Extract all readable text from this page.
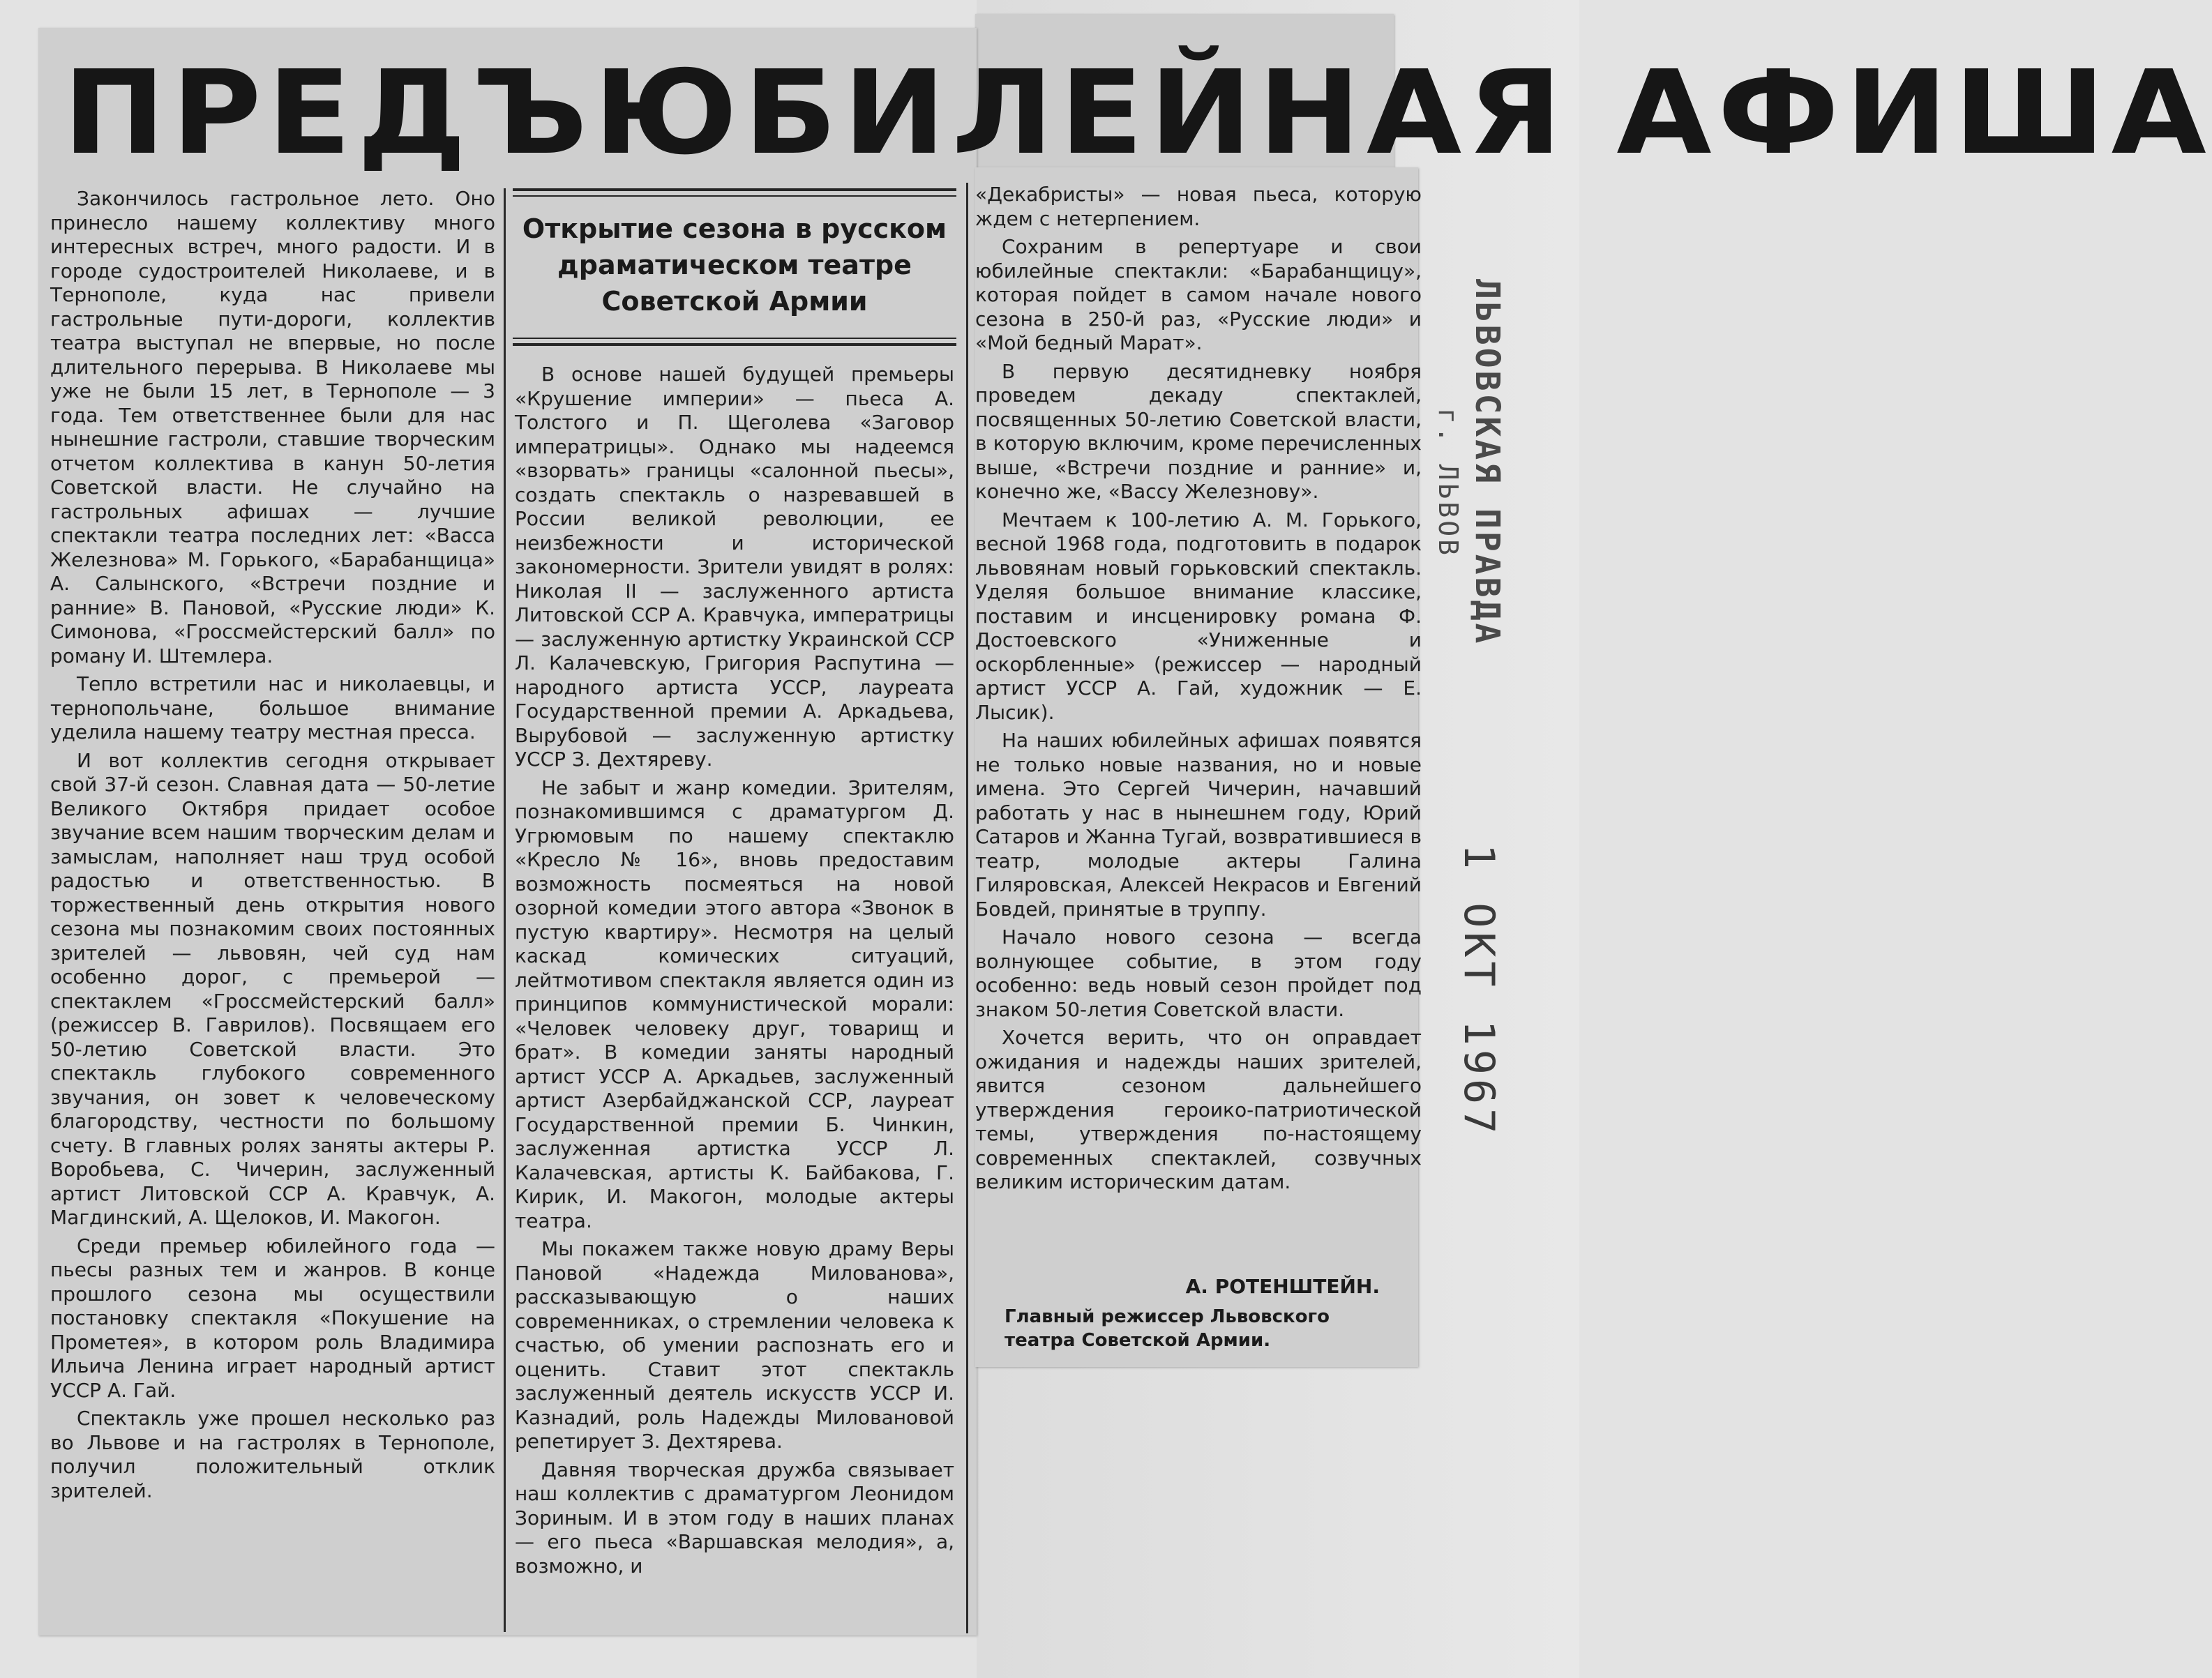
ПРЕДЪЮБИЛЕЙНАЯ АФИША
Открытие сезона в русском драматическом театре Советской Армии

Закончилось гастрольное лето. Оно принесло нашему коллективу много интересных встреч, много радости. И в городе судостроителей Николаеве, и в Тернополе, куда нас привели гастрольные пути-дороги, коллектив театра выступал не впервые, но после длительного перерыва. В Николаеве мы уже не были 15 лет, в Тернополе — 3 года. Тем ответственнее были для нас нынешние гастроли, ставшие творческим отчетом коллектива в канун 50-летия Советской власти. Не случайно на гастрольных афишах — лучшие спектакли театра последних лет: «Васса Железнова» М. Горького, «Барабанщица» А. Салынского, «Встречи поздние и ранние» В. Пановой, «Русские люди» К. Симонова, «Гроссмейстерский балл» по роману И. Штемлера.

Тепло встретили нас и николаевцы, и тернопольчане, большое внимание уделила нашему театру местная пресса.

И вот коллектив сегодня открывает свой 37-й сезон. Славная дата — 50-летие Великого Октября придает особое звучание всем нашим творческим делам и замыслам, наполняет наш труд особой радостью и ответственностью. В торжественный день открытия нового сезона мы познакомим своих постоянных зрителей — львовян, чей суд нам особенно дорог, с премьерой — спектаклем «Гроссмейстерский балл» (режиссер В. Гаврилов). Посвящаем его 50-летию Советской власти. Это спектакль глубокого современного звучания, он зовет к человеческому благородству, честности по большому счету. В главных ролях заняты актеры Р. Воробьева, С. Чичерин, заслуженный артист Литовской ССР А. Кравчук, А. Магдинский, А. Щелоков, И. Макогон.

Среди премьер юбилейного года — пьесы разных тем и жанров. В конце прошлого сезона мы осуществили постановку спектакля «Покушение на Прометея», в котором роль Владимира Ильича Ленина играет народный артист УССР А. Гай.

Спектакль уже прошел несколько раз во Львове и на гастролях в Тернополе, получил положительный отклик зрителей.

В основе нашей будущей премьеры «Крушение империи» — пьеса А. Толстого и П. Щеголева «Заговор императрицы». Однако мы надеемся «взорвать» границы «салонной пьесы», создать спектакль о назревавшей в России великой революции, ее неизбежности и исторической закономерности. Зрители увидят в ролях: Николая II — заслуженного артиста Литовской ССР А. Кравчука, императрицы — заслуженную артистку Украинской ССР Л. Калачевскую, Григория Распутина — народного артиста УССР, лауреата Государственной премии А. Аркадьева, Вырубовой — заслуженную артистку УССР З. Дехтяреву.

Не забыт и жанр комедии. Зрителям, познакомившимся с драматургом Д. Угрюмовым по нашему спектаклю «Кресло № 16», вновь предоставим возможность посмеяться на новой озорной комедии этого автора «Звонок в пустую квартиру». Несмотря на целый каскад комических ситуаций, лейтмотивом спектакля является один из принципов коммунистической морали: «Человек человеку друг, товарищ и брат». В комедии заняты народный артист УССР А. Аркадьев, заслуженный артист Азербайджанской ССР, лауреат Государственной премии Б. Чинкин, заслуженная артистка УССР Л. Калачевская, артисты К. Байбакова, Г. Кирик, И. Макогон, молодые актеры театра.

Мы покажем также новую драму Веры Пановой «Надежда Милованова», рассказывающую о наших современниках, о стремлении человека к счастью, об умении распознать его и оценить. Ставит этот спектакль заслуженный деятель искусств УССР И. Казнадий, роль Надежды Миловановой репетирует З. Дехтярева.

Давняя творческая дружба связывает наш коллектив с драматургом Леонидом Зориным. И в этом году в наших планах — его пьеса «Варшавская мелодия», а, возможно, и

«Декабристы» — новая пьеса, которую ждем с нетерпением.

Сохраним в репертуаре и свои юбилейные спектакли: «Барабанщицу», которая пойдет в самом начале нового сезона в 250-й раз, «Русские люди» и «Мой бедный Марат».

В первую десятидневку ноября проведем декаду спектаклей, посвященных 50-летию Советской власти, в которую включим, кроме перечисленных выше, «Встречи поздние и ранние» и, конечно же, «Вассу Железнову».

Мечтаем к 100-летию А. М. Горького, весной 1968 года, подготовить в подарок львовянам новый горьковский спектакль. Уделяя большое внимание классике, поставим и инсценировку романа Ф. Достоевского «Униженные и оскорбленные» (режиссер — народный артист УССР А. Гай, художник — Е. Лысик).

На наших юбилейных афишах появятся не только новые названия, но и новые имена. Это Сергей Чичерин, начавший работать у нас в нынешнем году, Юрий Сатаров и Жанна Тугай, возвратившиеся в театр, молодые актеры Галина Гиляровская, Алексей Некрасов и Евгений Бовдей, принятые в труппу.

Начало нового сезона — всегда волнующее событие, в этом году особенно: ведь новый сезон пройдет под знаком 50-летия Советской власти.

Хочется верить, что он оправдает ожидания и надежды наших зрителей, явится сезоном дальнейшего утверждения героико-патриотической темы, утверждения по-настоящему современных спектаклей, созвучных великим историческим датам.

А. РОТЕНШТЕЙН.
Главный режиссер Львовского театра Советской Армии.
ЛЬВОВСКАЯ ПРАВДА
г. ЛЬВОВ
1 ОКТ 1967
